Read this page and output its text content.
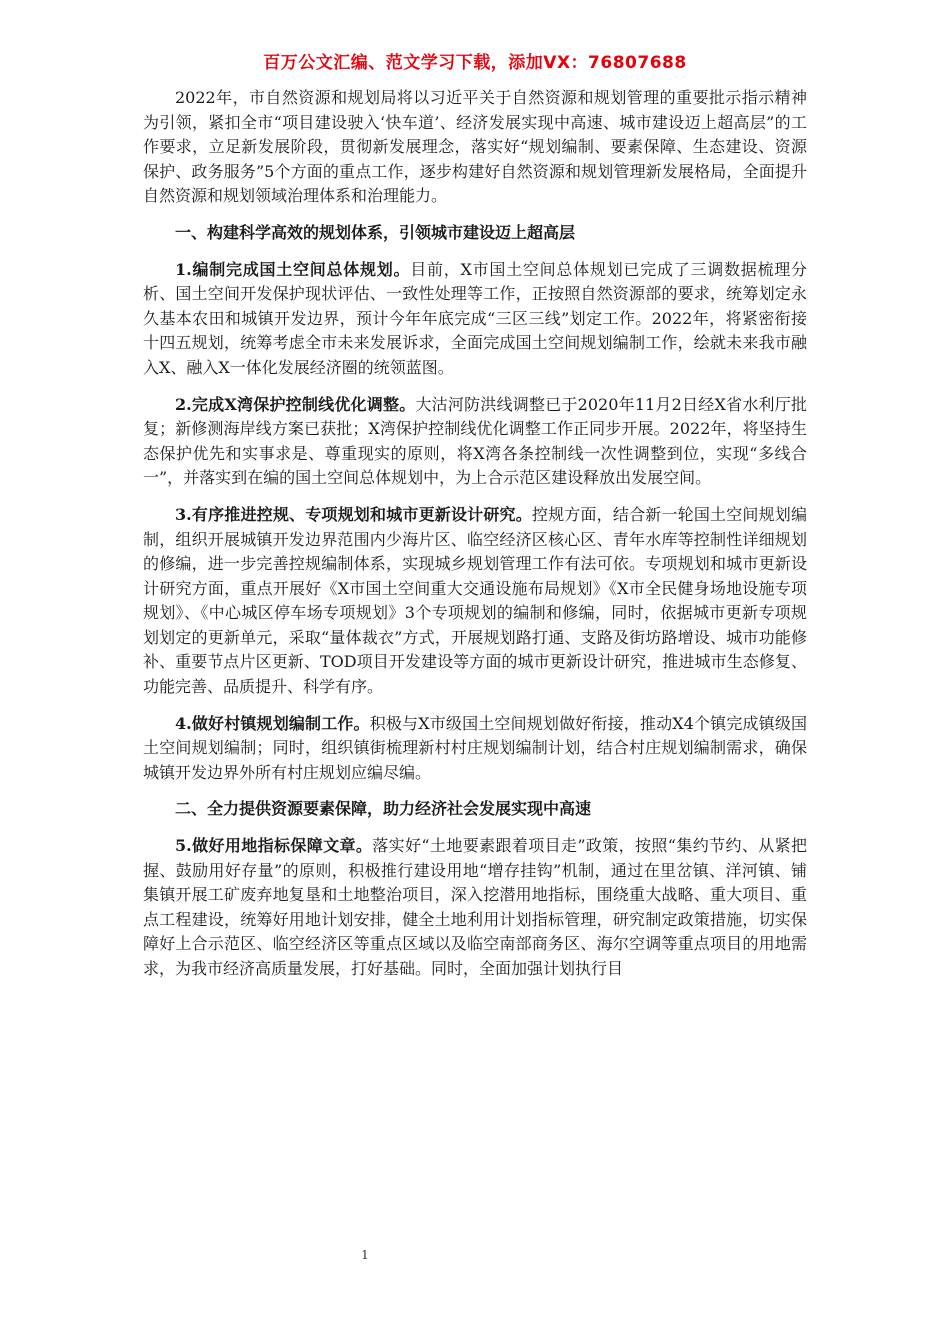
百万公文汇编、范文学习下载，添加VX：76807688

2022年，市自然资源和规划局将以习近平关于自然资源和规划管理的重要批示指示精神为引领，紧扣全市“项目建设驶入‘快车道’、经济发展实现中高速、城市建设迈上超高层”的工作要求，立足新发展阶段，贯彻新发展理念，落实好“规划编制、要素保障、生态建设、资源保护、政务服务”5个方面的重点工作，逐步构建好自然资源和规划管理新发展格局，全面提升自然资源和规划领域治理体系和治理能力。

一、构建科学高效的规划体系，引领城市建设迈上超高层

1.编制完成国土空间总体规划。目前，X市国土空间总体规划已完成了三调数据梳理分析、国土空间开发保护现状评估、一致性处理等工作，正按照自然资源部的要求，统筹划定永久基本农田和城镇开发边界，预计今年年底完成“三区三线”划定工作。2022年，将紧密衔接十四五规划，统筹考虑全市未来发展诉求，全面完成国土空间规划编制工作，绘就未来我市融入X、融入X一体化发展经济圈的统领蓝图。

2.完成X湾保护控制线优化调整。大沽河防洪线调整已于2020年11月2日经X省水利厅批复；新修测海岸线方案已获批；X湾保护控制线优化调整工作正同步开展。2022年，将坚持生态保护优先和实事求是、尊重现实的原则，将X湾各条控制线一次性调整到位，实现“多线合一”，并落实到在编的国土空间总体规划中，为上合示范区建设释放出发展空间。

3.有序推进控规、专项规划和城市更新设计研究。控规方面，结合新一轮国土空间规划编制，组织开展城镇开发边界范围内少海片区、临空经济区核心区、青年水库等控制性详细规划的修编，进一步完善控规编制体系，实现城乡规划管理工作有法可依。专项规划和城市更新设计研究方面，重点开展好《X市国土空间重大交通设施布局规划》《X市全民健身场地设施专项规划》、《中心城区停车场专项规划》3个专项规划的编制和修编，同时，依据城市更新专项规划划定的更新单元，采取“量体裁衣”方式，开展规划路打通、支路及街坊路增设、城市功能修补、重要节点片区更新、TOD项目开发建设等方面的城市更新设计研究，推进城市生态修复、功能完善、品质提升、科学有序。

4.做好村镇规划编制工作。积极与X市级国土空间规划做好衔接，推动X4个镇完成镇级国土空间规划编制；同时，组织镇街梳理新村村庄规划编制计划，结合村庄规划编制需求，确保城镇开发边界外所有村庄规划应编尽编。

二、全力提供资源要素保障，助力经济社会发展实现中高速

5.做好用地指标保障文章。落实好“土地要素跟着项目走”政策，按照“集约节约、从紧把握、鼓励用好存量”的原则，积极推行建设用地“增存挂钩”机制，通过在里岔镇、洋河镇、铺集镇开展工矿废弃地复垦和土地整治项目，深入挖潜用地指标，围绕重大战略、重大项目、重点工程建设，统筹好用地计划安排，健全土地利用计划指标管理，研究制定政策措施，切实保障好上合示范区、临空经济区等重点区域以及临空南部商务区、海尔空调等重点项目的用地需求，为我市经济高质量发展，打好基础。同时，全面加强计划执行目

1
